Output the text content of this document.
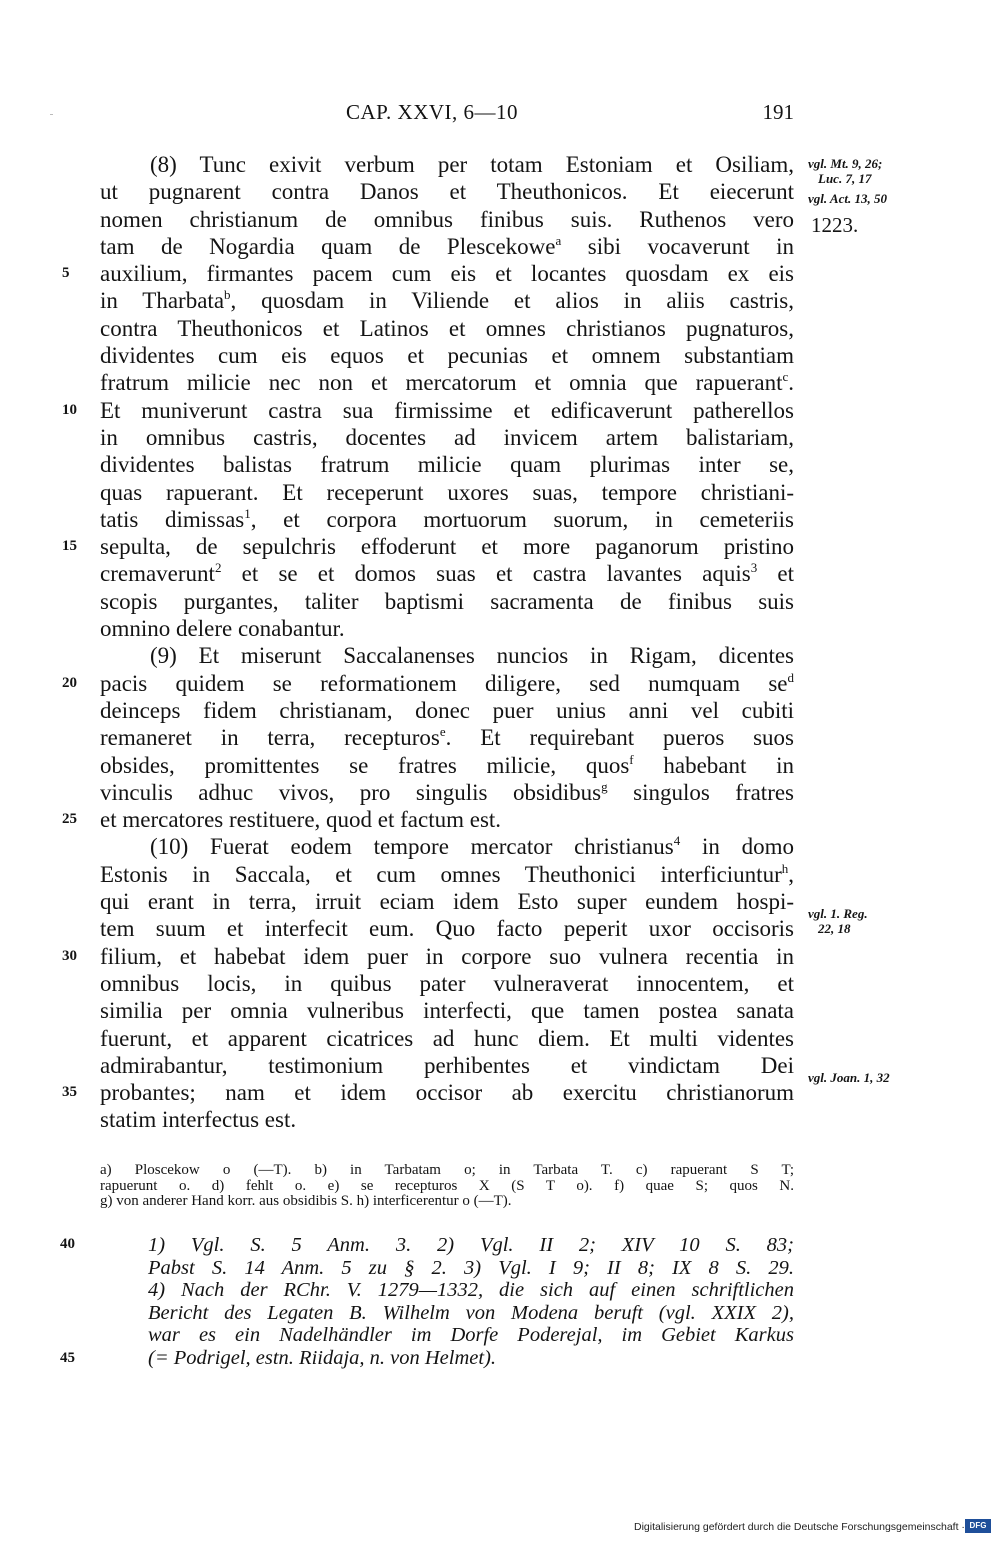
CAP. XXVI, 6—10	191
(8) Tunc exivit verbum per totam Estoniam et Osiliam,
ut pugnarent contra Danos et Theuthonicos. Et eiecerunt
nomen christianum de omnibus finibus suis. Ruthenos vero
tam de Nogardia quam de Plescekowe$^a$ sibi vocaverunt in
auxilium, firmantes pacem cum eis et locantes quosdam ex eis
in Tharbata$^b$, quosdam in Viliende et alios in aliis castris,
contra Theuthonicos et Latinos et omnes christianos pugnaturos,
dividentes cum eis equos et pecunias et omnem substantiam
fratrum milicie nec non et mercatorum et omnia que rapuerant$^c$.
Et muniverunt castra sua firmissime et edificaverunt patherellos
in omnibus castris, docentes ad invicem artem balistariam,
dividentes balistas fratrum milicie quam plurimas inter se,
quas rapuerant. Et receperunt uxores suas, tempore christiani-
tatis dimissas$^1$, et corpora mortuorum suorum, in cemeteriis
sepulta, de sepulchris effoderunt et more paganorum pristino
cremaverunt$^2$ et se et domos suas et castra lavantes aquis$^3$ et
scopis purgantes, taliter baptismi sacramenta de finibus suis
omnino delere conabantur.
(9) Et miserunt Saccalanenses nuncios in Rigam, dicentes
pacis quidem se reformationem diligere, sed numquam $se^d$
deinceps fidem christianam, donec puer unius anni vel cubiti
remaneret in terra, recepturos$^e$. Et requirebant pueros suos
obsides, promittentes se fratres milicie, quos$^f$ habebant in
vinculis adhuc vivos, pro singulis obsidibus$^g$ singulos fratres
et mercatores restituere, quod et factum est.
(10) Fuerat eodem tempore mercator christianus$^4$ in domo
Estonis in Saccala, et cum omnes Theuthonici interficiuntur$^h$,
qui erant in terra, irruit eciam idem Esto super eundem hospi-
tem suum et interfecit eum. Quo facto peperit uxor occisoris
filium, et habebat idem puer in corpore suo vulnera recentia in
omnibus locis, in quibus pater vulneraverat innocentem, et
similia per omnia vulneribus interfecti, que tamen postea sanata
fuerunt, et apparent cicatrices ad hunc diem. Et multi videntes
admirabantur, testimonium perhibentes et vindictam Dei
probantes; nam et idem occisor ab exercitu christianorum
statim interfectus est.
5
10
15
20
25
30
35
vgl. Mt. 9, 26;
Luc. 7, 17
vgl. Act. 13, 50
1223.
vgl. 1. Reg.
22, 18
vgl. Joan. 1, 32
a) Ploscekow o (—T). b) in Tarbatam o; in Tarbata T. c) rapuerant S T;
rapuerunt o. d) fehlt o. e) se recepturos X (S T o). f) quae S; quos N.
g) von anderer Hand korr. aus obsidibis S. h) interficerentur o (—T).
40
45
1) Vgl. S. 5 Anm. 3. 2) Vgl. II 2; XIV 10 S. 83;
Pabst S. 14 Anm. 5 zu § 2. 3) Vgl. I 9; II 8; IX 8 S. 29.
4) Nach der RChr. V. 1279—1332, die sich auf einen schriftlichen
Bericht des Legaten B. Wilhelm von Modena beruft (vgl. XXIX 2),
war es ein Nadelhändler im Dorfe Poderejal, im Gebiet Karkus
(= Podrigel, estn. Riidaja, n. von Helmet).
Digitalisierung gefördert durch die Deutsche Forschungsgemeinschaft · DFG
